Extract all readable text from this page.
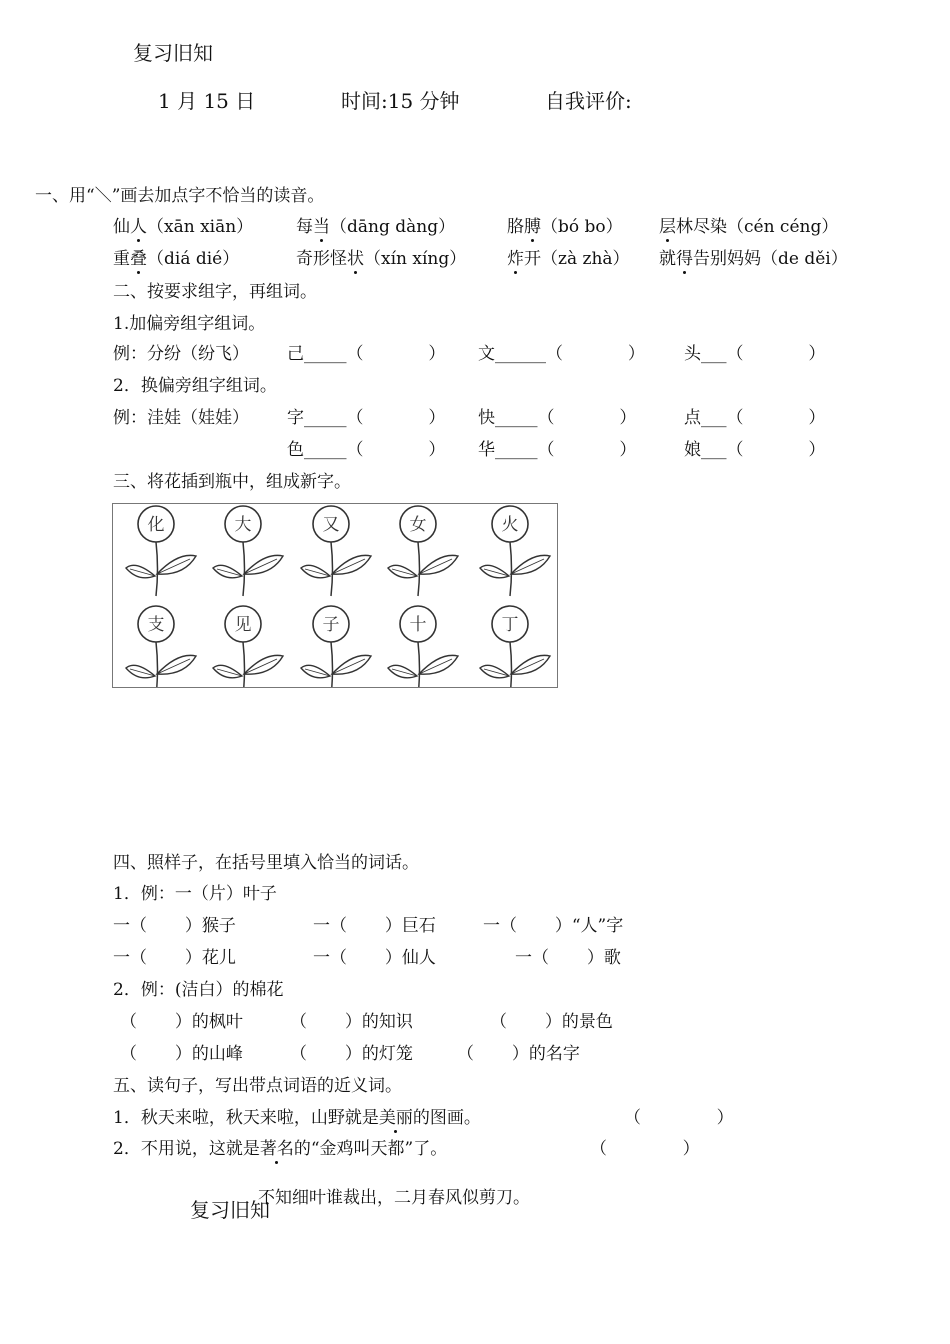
复习旧知
1 月 15 日	时间:15 分钟	自我评价:
一、用“＼”画去加点字不恰当的读音。
仙人（xān xiān）	每当（dāng dàng）	胳膊（bó bo） 层林尽染（cén céng）
重叠（diá dié）	奇形怪状（xín xíng） 炸开（zà zhà） 就得告别妈妈（de děi）
二、按要求组字，再组词。
1.加偏旁组字组词。
例：分纷（纷飞） 己_____（            ） 文______（            ） 头___（            ）
2．换偏旁组字组词。
例：洼娃（娃娃） 字_____（            ） 快_____（            ）	点___（            ）
色_____（            ） 华_____（            ）	娘___（            ）
三、将花插到瓶中，组成新字。
化	大	又	女	火
支	见	子	十	丁
四、照样子，在括号里填入恰当的词话。
1．例：一（片）叶子
一（       ）猴子	一（       ）巨石	一（       ）“人”字
一（       ）花儿	一（       ）仙人	一（       ）歌
2．例：(洁白）的棉花
（       ）的枫叶	（       ）的知识	（       ）的景色
（       ）的山峰	（       ）的灯笼	（       ）的名字
五、读句子，写出带点词语的近义词。
1．秋天来啦，秋天来啦，山野就是美丽的图画。	（              ）
2．不用说，这就是著名的“金鸡叫天都”了。	（              ）
不知细叶谁裁出，二月春风似剪刀。
复习旧知
